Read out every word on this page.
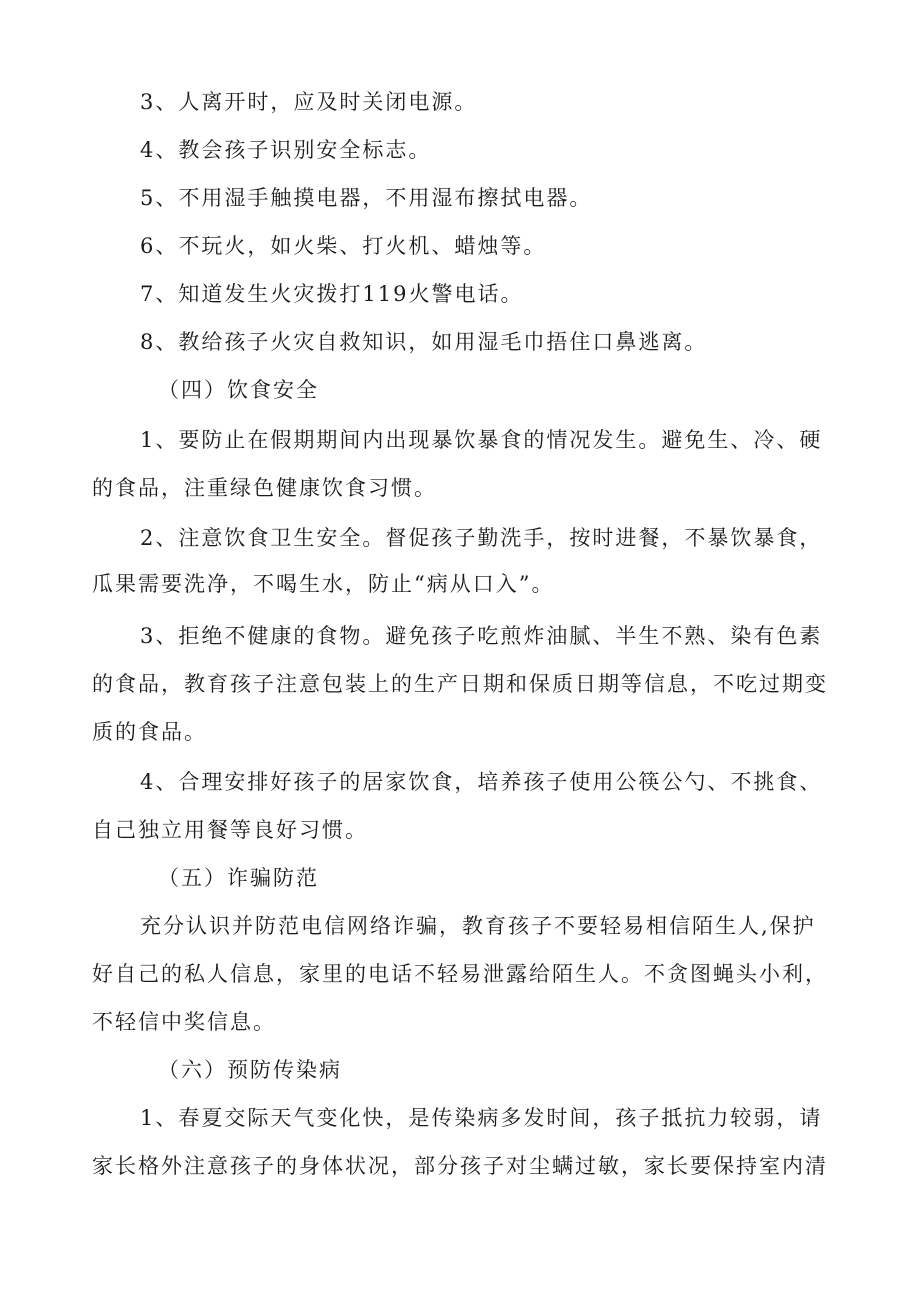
3、人离开时，应及时关闭电源。
4、教会孩子识别安全标志。
5、不用湿手触摸电器，不用湿布擦拭电器。
6、不玩火，如火柴、打火机、蜡烛等。
7、知道发生火灾拨打119火警电话。
8、教给孩子火灾自救知识，如用湿毛巾捂住口鼻逃离。
（四）饮食安全
1、要防止在假期期间内出现暴饮暴食的情况发生。避免生、冷、硬
的食品，注重绿色健康饮食习惯。
2、注意饮食卫生安全。督促孩子勤洗手，按时进餐，不暴饮暴食，
瓜果需要洗净，不喝生水，防止“病从口入”。
3、拒绝不健康的食物。避免孩子吃煎炸油腻、半生不熟、染有色素
的食品，教育孩子注意包装上的生产日期和保质日期等信息，不吃过期变
质的食品。
4、合理安排好孩子的居家饮食，培养孩子使用公筷公勺、不挑食、
自己独立用餐等良好习惯。
（五）诈骗防范
充分认识并防范电信网络诈骗，教育孩子不要轻易相信陌生人,保护
好自己的私人信息，家里的电话不轻易泄露给陌生人。不贪图蝇头小利，
不轻信中奖信息。
（六）预防传染病
1、春夏交际天气变化快，是传染病多发时间，孩子抵抗力较弱，请
家长格外注意孩子的身体状况，部分孩子对尘螨过敏，家长要保持室内清
